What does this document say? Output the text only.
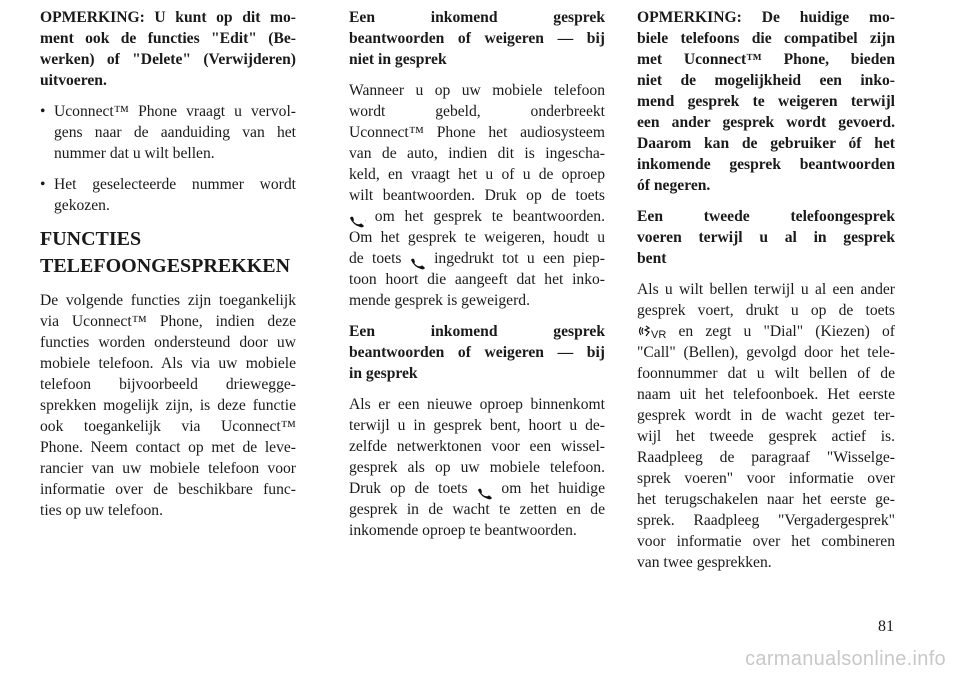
OPMERKING: U kunt op dit mo-
ment ook de functies "Edit" (Be-
werken) of "Delete" (Verwijderen)
uitvoeren.
• Uconnect™ Phone vraagt u vervol-
gens naar de aanduiding van het
nummer dat u wilt bellen.
• Het geselecteerde nummer wordt
gekozen.
FUNCTIES
TELEFOONGESPREKKEN
De volgende functies zijn toegankelijk
via Uconnect™ Phone, indien deze
functies worden ondersteund door uw
mobiele telefoon. Als via uw mobiele
telefoon bijvoorbeeld driewegge-
sprekken mogelijk zijn, is deze functie
ook toegankelijk via Uconnect™
Phone. Neem contact op met de leve-
rancier van uw mobiele telefoon voor
informatie over de beschikbare func-
ties op uw telefoon.
Een inkomend gesprek
beantwoorden of weigeren — bij
niet in gesprek
Wanneer u op uw mobiele telefoon
wordt gebeld, onderbreekt
Uconnect™ Phone het audiosysteem
van de auto, indien dit is ingescha-
keld, en vraagt het u of u de oproep
wilt beantwoorden. Druk op de toets
{phone}
om het gesprek te beantwoorden.
Om het gesprek te weigeren, houdt u
de toets {phone}
ingedrukt tot u een piep-
toon hoort die aangeeft dat het inko-
mende gesprek is geweigerd.
Een inkomend gesprek
beantwoorden of weigeren — bij
in gesprek
Als er een nieuwe oproep binnenkomt
terwijl u in gesprek bent, hoort u de-
zelfde netwerktonen voor een wissel-
gesprek als op uw mobiele telefoon.
Druk op de toets {phone}
om het huidige
gesprek in de wacht te zetten en de
inkomende oproep te beantwoorden.
OPMERKING: De huidige mo-
biele telefoons die compatibel zijn
met Uconnect™ Phone, bieden
niet de mogelijkheid een inko-
mend gesprek te weigeren terwijl
een ander gesprek wordt gevoerd.
Daarom kan de gebruiker óf het
inkomende gesprek beantwoorden
óf negeren.
Een tweede telefoongesprek
voeren terwijl u al in gesprek
bent
Als u wilt bellen terwijl u al een ander
gesprek voert, drukt u op de toets
VR en zegt u "Dial" (Kiezen) of
"Call" (Bellen), gevolgd door het tele-
foonnummer dat u wilt bellen of de
naam uit het telefoonboek. Het eerste
gesprek wordt in de wacht gezet ter-
wijl het tweede gesprek actief is.
Raadpleeg de paragraaf "Wisselge-
sprek voeren" voor informatie over
het terugschakelen naar het eerste ge-
sprek. Raadpleeg "Vergadergesprek"
voor informatie over het combineren
van twee gesprekken.
81
carmanualsonline.info
